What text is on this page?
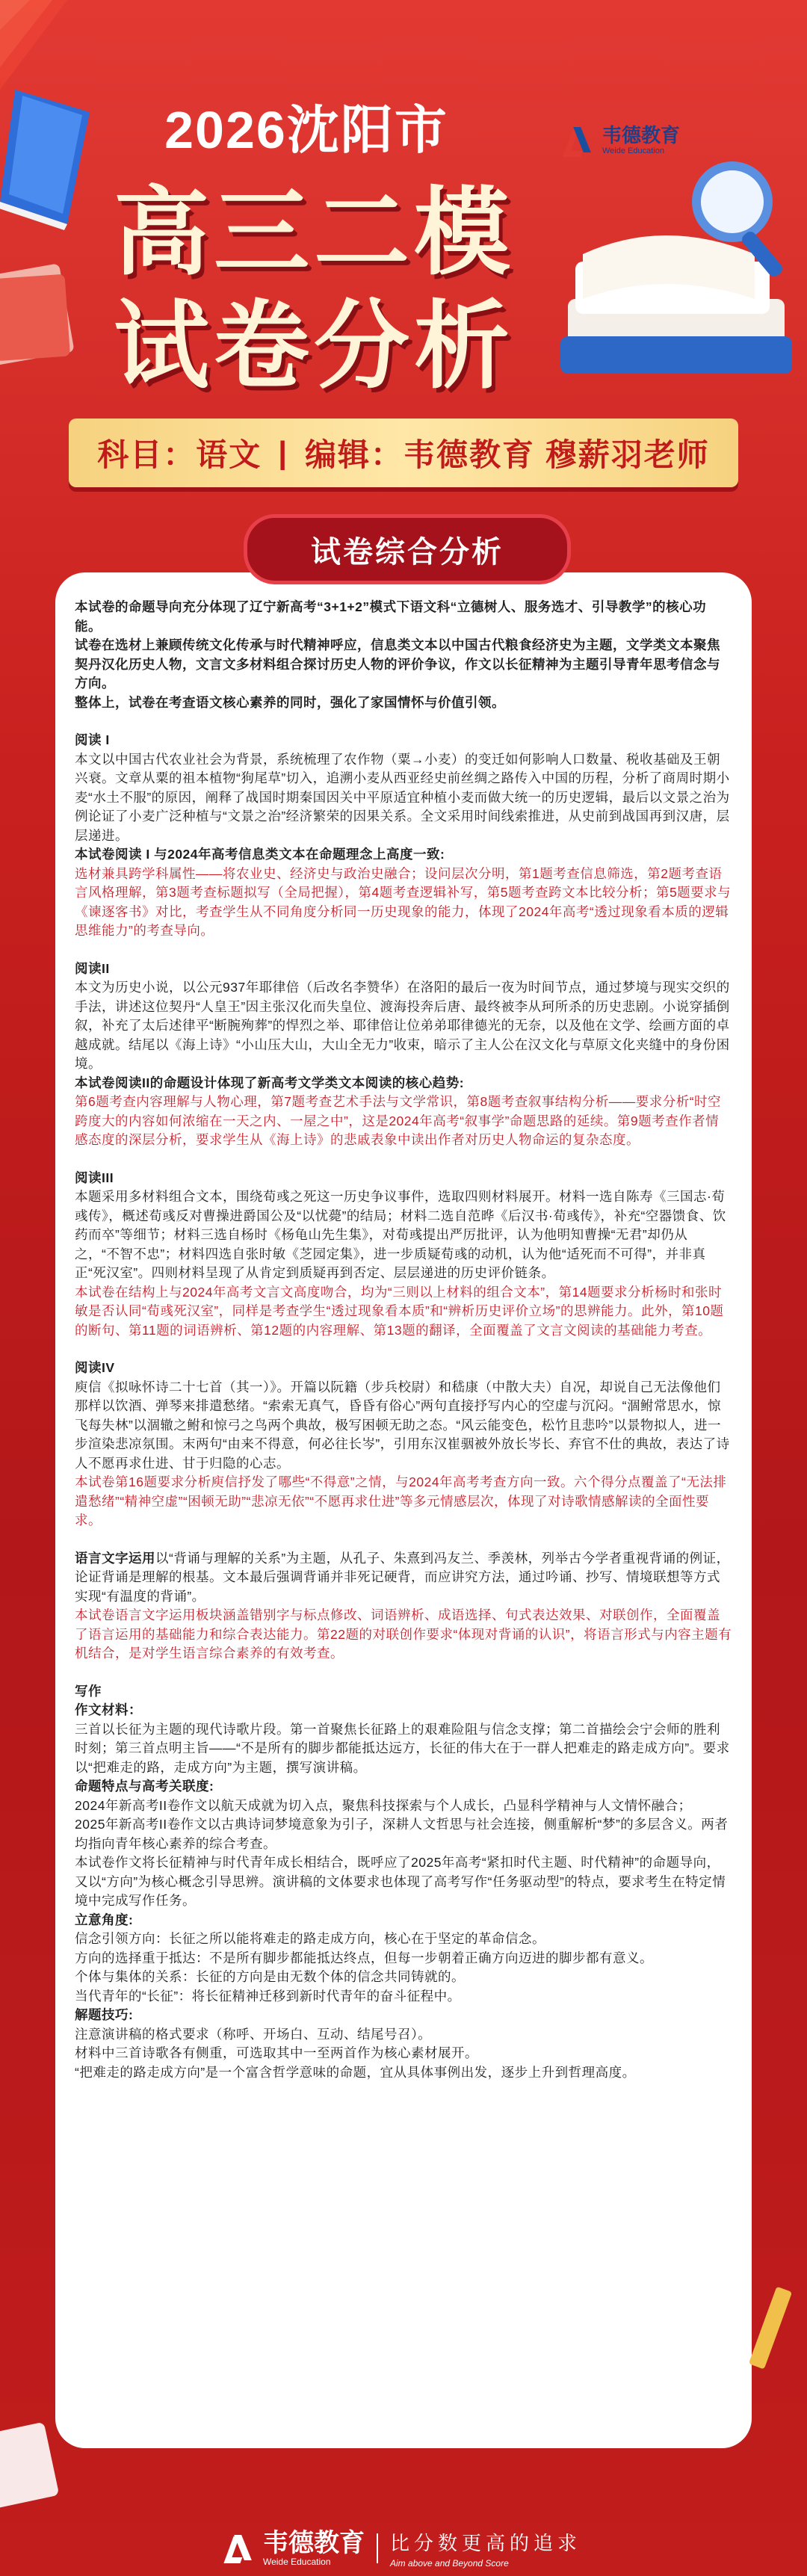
韦德教育
Weide Education
2026沈阳市
高三二模
试卷分析
科目：语文 | 编辑：韦德教育 穆薪羽老师
试卷综合分析

本试卷的命题导向充分体现了辽宁新高考“3+1+2”模式下语文科“立德树人、服务选才、引导教学”的核心功能。

试卷在选材上兼顾传统文化传承与时代精神呼应，信息类文本以中国古代粮食经济史为主题，文学类文本聚焦契丹汉化历史人物，文言文多材料组合探讨历史人物的评价争议，作文以长征精神为主题引导青年思考信念与方向。

整体上，试卷在考查语文核心素养的同时，强化了家国情怀与价值引领。

阅读 I

本文以中国古代农业社会为背景，系统梳理了农作物（粟→小麦）的变迁如何影响人口数量、税收基础及王朝兴衰。文章从粟的祖本植物“狗尾草”切入，追溯小麦从西亚经史前丝绸之路传入中国的历程，分析了商周时期小麦“水土不服”的原因，阐释了战国时期秦国因关中平原适宜种植小麦而做大统一的历史逻辑，最后以文景之治为例论证了小麦广泛种植与“文景之治”经济繁荣的因果关系。全文采用时间线索推进，从史前到战国再到汉唐，层层递进。

本试卷阅读 I 与2024年高考信息类文本在命题理念上高度一致:

选材兼具跨学科属性——将农业史、经济史与政治史融合；设问层次分明，第1题考查信息筛选，第2题考查语言风格理解，第3题考查标题拟写（全局把握），第4题考查逻辑补写，第5题考查跨文本比较分析；第5题要求与《谏逐客书》对比，考查学生从不同角度分析同一历史现象的能力，体现了2024年高考“透过现象看本质的逻辑思维能力”的考查导向。

阅读II

本文为历史小说，以公元937年耶律倍（后改名李赞华）在洛阳的最后一夜为时间节点，通过梦境与现实交织的手法，讲述这位契丹“人皇王”因主张汉化而失皇位、渡海投奔后唐、最终被李从珂所杀的历史悲剧。小说穿插倒叙，补充了太后述律平“断腕殉葬”的悍烈之举、耶律倍让位弟弟耶律德光的无奈，以及他在文学、绘画方面的卓越成就。结尾以《海上诗》“小山压大山，大山全无力”收束，暗示了主人公在汉文化与草原文化夹缝中的身份困境。

本试卷阅读II的命题设计体现了新高考文学类文本阅读的核心趋势:

第6题考查内容理解与人物心理，第7题考查艺术手法与文学常识，第8题考查叙事结构分析——要求分析“时空跨度大的内容如何浓缩在一天之内、一屋之中”，这是2024年高考“叙事学”命题思路的延续。第9题考查作者情感态度的深层分析，要求学生从《海上诗》的悲戚表象中读出作者对历史人物命运的复杂态度。

阅读III

本题采用多材料组合文本，围绕荀彧之死这一历史争议事件，选取四则材料展开。材料一选自陈寿《三国志·荀彧传》，概述荀彧反对曹操进爵国公及“以忧薨”的结局；材料二选自范晔《后汉书·荀彧传》，补充“空器馈食、饮药而卒”等细节；材料三选自杨时《杨龟山先生集》，对荀彧提出严厉批评，认为他明知曹操“无君”却仍从之，“不智不忠”；材料四选自张时敏《芝园定集》，进一步质疑荀彧的动机，认为他“适死而不可得”，并非真正“死汉室”。四则材料呈现了从肯定到质疑再到否定、层层递进的历史评价链条。

本试卷在结构上与2024年高考文言文高度吻合，均为“三则以上材料的组合文本”，第14题要求分析杨时和张时敏是否认同“荀彧死汉室”，同样是考查学生“透过现象看本质”和“辨析历史评价立场”的思辨能力。此外，第10题的断句、第11题的词语辨析、第12题的内容理解、第13题的翻译，全面覆盖了文言文阅读的基础能力考查。

阅读IV

庾信《拟咏怀诗二十七首（其一）》。开篇以阮籍（步兵校尉）和嵇康（中散大夫）自况，却说自己无法像他们那样以饮酒、弹琴来排遣愁绪。“索索无真气，昏昏有俗心”两句直接抒写内心的空虚与沉闷。“涸鲋常思水，惊飞每失林”以涸辙之鲋和惊弓之鸟两个典故，极写困顿无助之态。“风云能变色，松竹且悲吟”以景物拟人，进一步渲染悲凉氛围。末两句“由来不得意，何必往长岑”，引用东汉崔骃被外放长岑长、弃官不仕的典故，表达了诗人不愿再求仕进、甘于归隐的心志。

本试卷第16题要求分析庾信抒发了哪些“不得意”之情，与2024年高考考查方向一致。六个得分点覆盖了“无法排遣愁绪”“精神空虚”“困顿无助”“悲凉无依”“不愿再求仕进”等多元情感层次，体现了对诗歌情感解读的全面性要求。

语言文字运用以“背诵与理解的关系”为主题，从孔子、朱熹到冯友兰、季羡林，列举古今学者重视背诵的例证，论证背诵是理解的根基。文本最后强调背诵并非死记硬背，而应讲究方法，通过吟诵、抄写、情境联想等方式实现“有温度的背诵”。

本试卷语言文字运用板块涵盖错别字与标点修改、词语辨析、成语选择、句式表达效果、对联创作，全面覆盖了语言运用的基础能力和综合表达能力。第22题的对联创作要求“体现对背诵的认识”，将语言形式与内容主题有机结合，是对学生语言综合素养的有效考查。

写作

作文材料：

三首以长征为主题的现代诗歌片段。第一首聚焦长征路上的艰难险阻与信念支撑；第二首描绘会宁会师的胜利时刻；第三首点明主旨——“不是所有的脚步都能抵达远方，长征的伟大在于一群人把难走的路走成方向”。要求以“把难走的路，走成方向”为主题，撰写演讲稿。

命题特点与高考关联度:

2024年新高考II卷作文以航天成就为切入点，聚焦科技探索与个人成长，凸显科学精神与人文情怀融合；

2025年新高考II卷作文以古典诗词梦境意象为引子，深耕人文哲思与社会连接，侧重解析“梦”的多层含义。两者均指向青年核心素养的综合考查。

本试卷作文将长征精神与时代青年成长相结合，既呼应了2025年高考“紧扣时代主题、时代精神”的命题导向，又以“方向”为核心概念引导思辨。演讲稿的文体要求也体现了高考写作“任务驱动型”的特点，要求考生在特定情境中完成写作任务。

立意角度:

信念引领方向：长征之所以能将难走的路走成方向，核心在于坚定的革命信念。

方向的选择重于抵达：不是所有脚步都能抵达终点，但每一步朝着正确方向迈进的脚步都有意义。

个体与集体的关系：长征的方向是由无数个体的信念共同铸就的。

当代青年的“长征”：将长征精神迁移到新时代青年的奋斗征程中。

解题技巧:

注意演讲稿的格式要求（称呼、开场白、互动、结尾号召）。

材料中三首诗歌各有侧重，可选取其中一至两首作为核心素材展开。

“把难走的路走成方向”是一个富含哲学意味的命题，宜从具体事例出发，逐步上升到哲理高度。

韦德教育
Weide Education
比分数更高的追求
Aim above and Beyond Score
